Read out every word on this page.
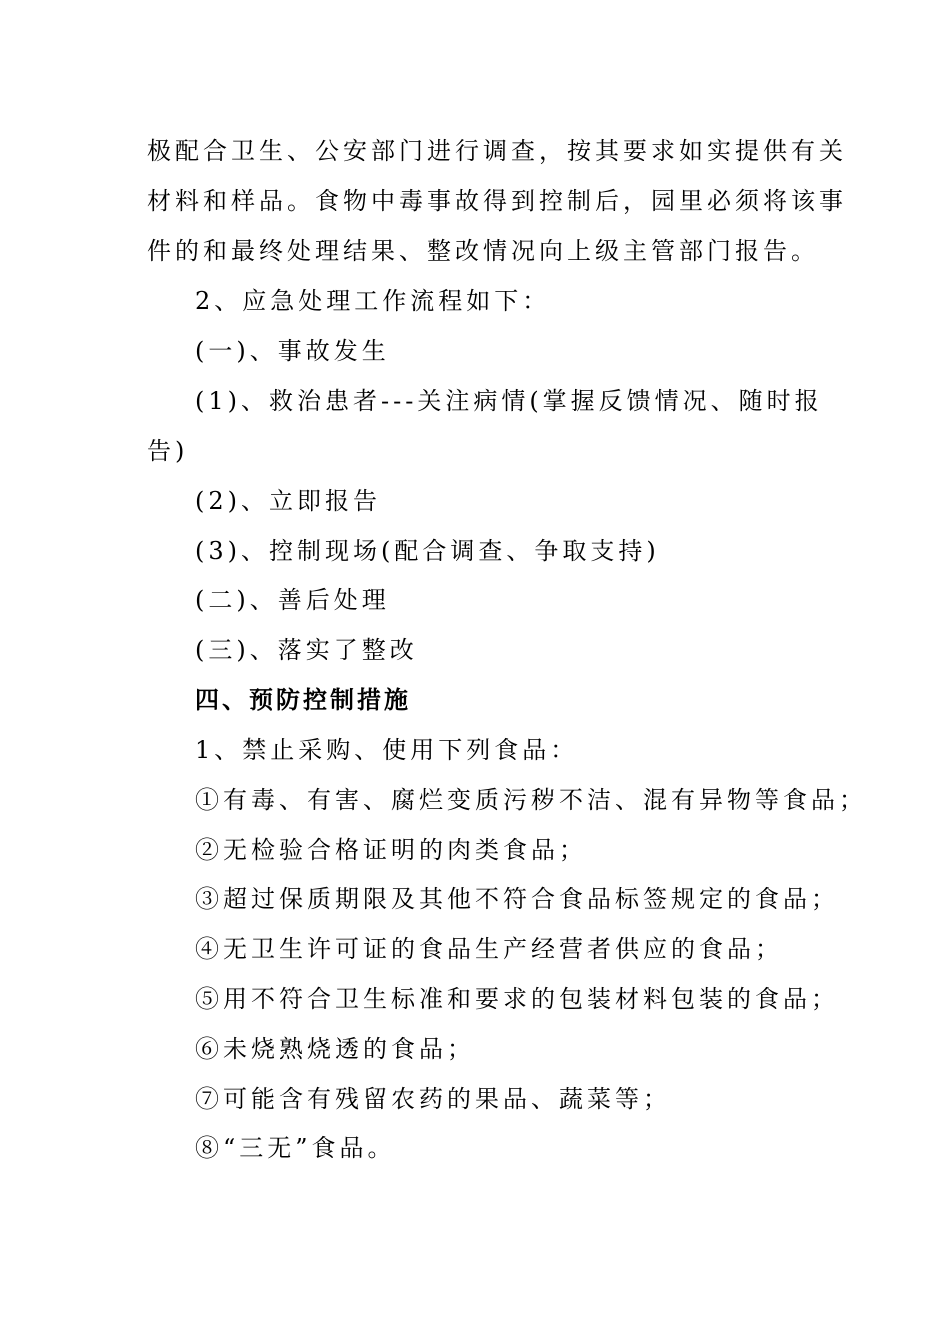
极配合卫生、公安部门进行调查，按其要求如实提供有关
材料和样品。食物中毒事故得到控制后，园里必须将该事
件的和最终处理结果、整改情况向上级主管部门报告。
2、应急处理工作流程如下：
(一)、事故发生
(1)、救治患者---关注病情(掌握反馈情况、随时报
告)
(2)、立即报告
(3)、控制现场(配合调查、争取支持)
(二)、善后处理
(三)、落实了整改
四、预防控制措施
1、禁止采购、使用下列食品：
①有毒、有害、腐烂变质污秽不洁、混有异物等食品；
②无检验合格证明的肉类食品；
③超过保质期限及其他不符合食品标签规定的食品；
④无卫生许可证的食品生产经营者供应的食品；
⑤用不符合卫生标准和要求的包装材料包装的食品；
⑥未烧熟烧透的食品；
⑦可能含有残留农药的果品、蔬菜等；
⑧“三无”食品。
